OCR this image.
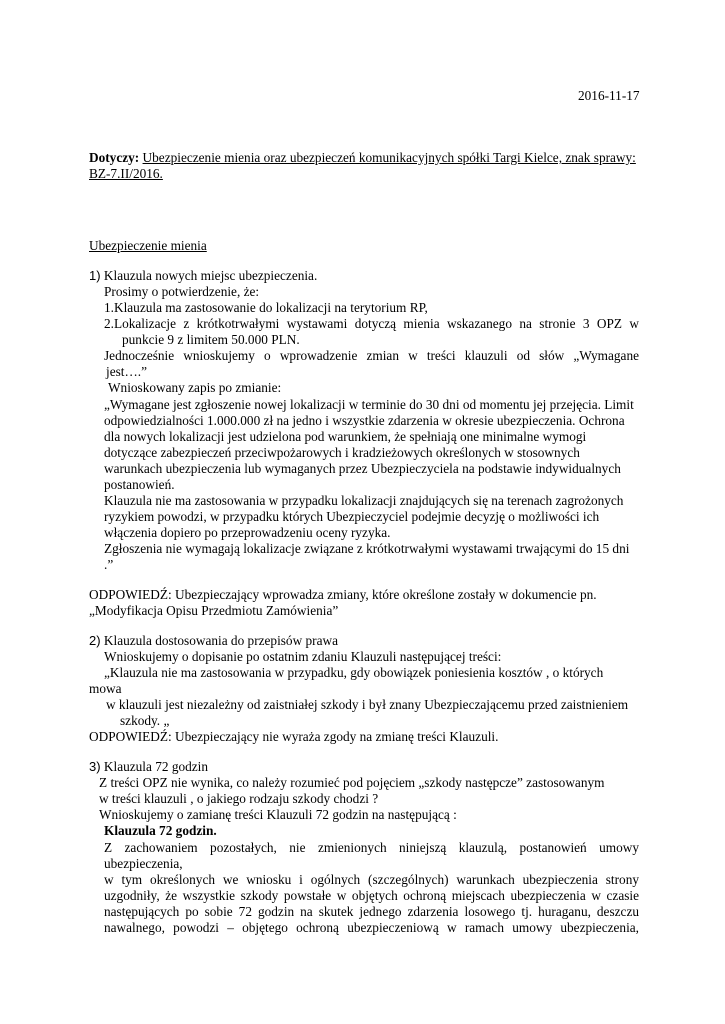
2016-11-17
Dotyczy: Ubezpieczenie mienia oraz ubezpieczeń komunikacyjnych spółki Targi Kielce, znak sprawy:
BZ-7.II/2016.
Ubezpieczenie mienia
1) Klauzula nowych miejsc ubezpieczenia.
Prosimy o potwierdzenie, że:
1.Klauzula ma zastosowanie do lokalizacji na terytorium RP,
2.Lokalizacje z krótkotrwałymi wystawami dotyczą mienia wskazanego na stronie 3 OPZ w
punkcie 9 z limitem 50.000 PLN.
Jednocześnie wnioskujemy o wprowadzenie zmian w treści klauzuli od słów „Wymagane
jest….”
Wnioskowany zapis po zmianie:
„Wymagane jest zgłoszenie nowej lokalizacji w terminie do 30 dni od momentu jej przejęcia. Limit
odpowiedzialności 1.000.000 zł na jedno i wszystkie zdarzenia w okresie ubezpieczenia. Ochrona
dla nowych lokalizacji jest udzielona pod warunkiem, że spełniają one minimalne wymogi
dotyczące zabezpieczeń przeciwpożarowych i kradzieżowych określonych w stosownych
warunkach ubezpieczenia lub wymaganych przez Ubezpieczyciela na podstawie indywidualnych
postanowień.
Klauzula nie ma zastosowania w przypadku lokalizacji znajdujących się na terenach zagrożonych
ryzykiem powodzi, w przypadku których Ubezpieczyciel podejmie decyzję o możliwości ich
włączenia dopiero po przeprowadzeniu oceny ryzyka.
Zgłoszenia nie wymagają lokalizacje związane z krótkotrwałymi wystawami trwającymi do 15 dni
.”
ODPOWIEDŹ: Ubezpieczający wprowadza zmiany, które określone zostały w dokumencie pn.
„Modyfikacja Opisu Przedmiotu Zamówienia”
2) Klauzula dostosowania do przepisów prawa
Wnioskujemy o dopisanie po ostatnim zdaniu Klauzuli następującej treści:
„Klauzula nie ma zastosowania w przypadku, gdy obowiązek poniesienia kosztów , o których
mowa
w klauzuli jest niezależny od zaistniałej szkody i był znany Ubezpieczającemu przed zaistnieniem
szkody. „
ODPOWIEDŹ: Ubezpieczający nie wyraża zgody na zmianę treści Klauzuli.
3) Klauzula 72 godzin
Z treści OPZ nie wynika, co należy rozumieć pod pojęciem „szkody następcze” zastosowanym
w treści klauzuli , o jakiego rodzaju szkody chodzi ?
Wnioskujemy o zamianę treści Klauzuli 72 godzin na następującą :
Klauzula 72 godzin.
Z zachowaniem pozostałych, nie zmienionych niniejszą klauzulą, postanowień umowy
ubezpieczenia,
w tym określonych we wniosku i ogólnych (szczególnych) warunkach ubezpieczenia strony
uzgodniły, że wszystkie szkody powstałe w objętych ochroną miejscach ubezpieczenia w czasie
następujących po sobie 72 godzin na skutek jednego zdarzenia losowego tj. huraganu, deszczu
nawalnego, powodzi – objętego ochroną ubezpieczeniową w ramach umowy ubezpieczenia,
